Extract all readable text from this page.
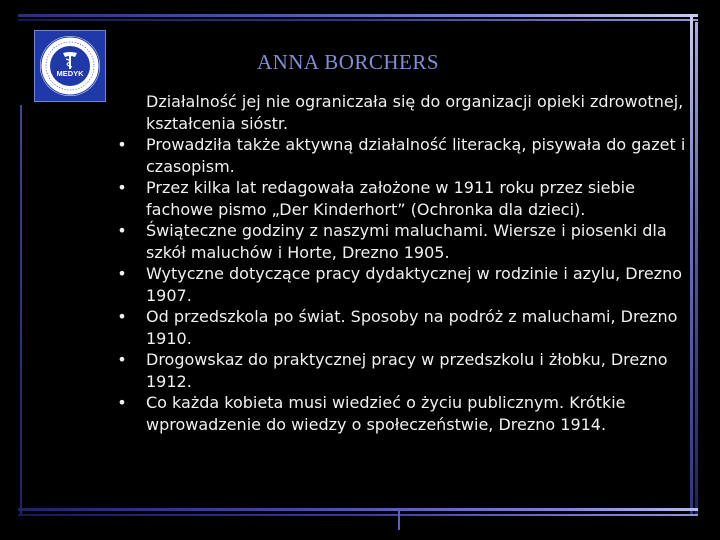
MEDYK	ANNA BORCHERS
Działalność jej nie ograniczała się do organizacji opieki zdrowotnej, kształcenia sióstr.
•	Prowadziła także aktywną działalność literacką, pisywała do gazet i czasopism.
•	Przez kilka lat redagowała założone w 1911 roku przez siebie fachowe pismo „Der Kinderhort” (Ochronka dla dzieci).
•	Świąteczne godziny z naszymi maluchami. Wiersze i piosenki dla szkół maluchów i Horte, Drezno 1905.
•	Wytyczne dotyczące pracy dydaktycznej w rodzinie i azylu, Drezno 1907.
•	Od przedszkola po świat. Sposoby na podróż z maluchami, Drezno 1910.
•	Drogowskaz do praktycznej pracy w przedszkolu i żłobku, Drezno 1912.
•	Co każda kobieta musi wiedzieć o życiu publicznym. Krótkie wprowadzenie do wiedzy o społeczeństwie, Drezno 1914.
